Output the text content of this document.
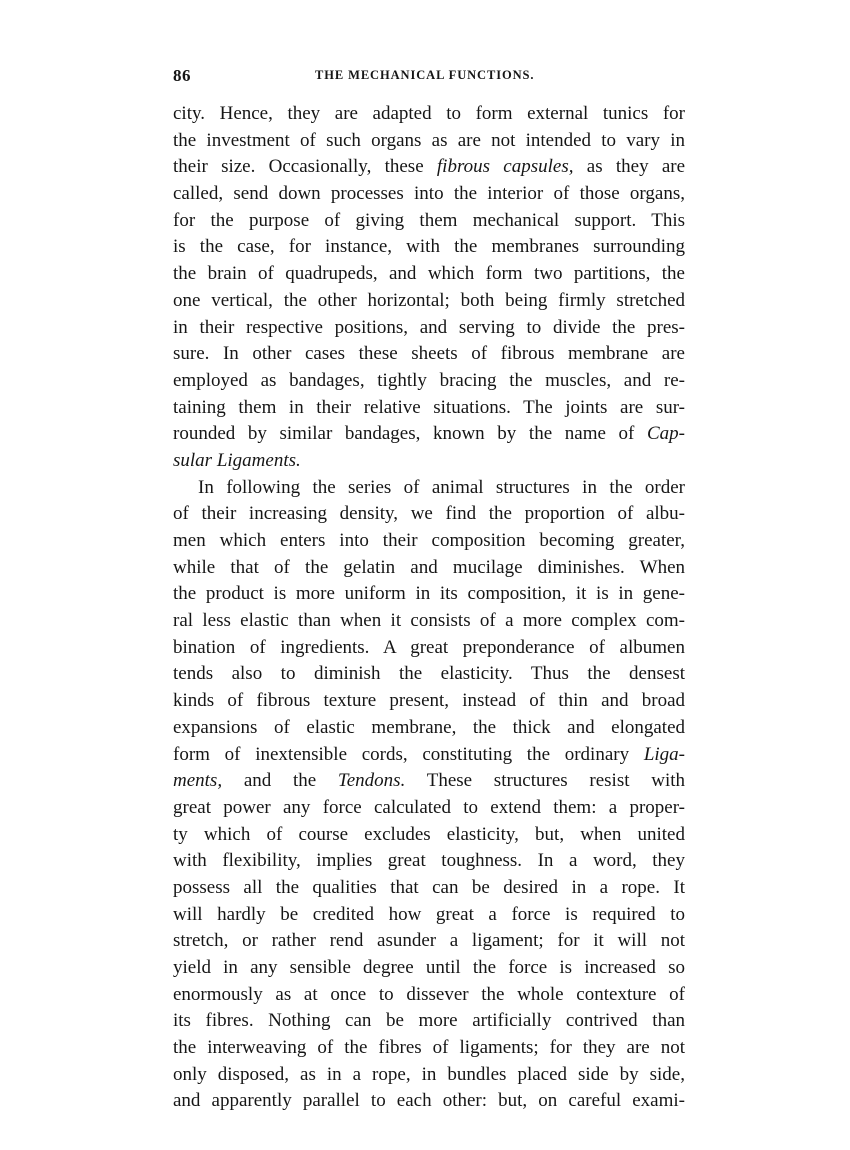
86	THE MECHANICAL FUNCTIONS.
city. Hence, they are adapted to form external tunics for
the investment of such organs as are not intended to vary in
their size. Occasionally, these fibrous capsules, as they are
called, send down processes into the interior of those organs,
for the purpose of giving them mechanical support. This
is the case, for instance, with the membranes surrounding
the brain of quadrupeds, and which form two partitions, the
one vertical, the other horizontal; both being firmly stretched
in their respective positions, and serving to divide the pres-
sure. In other cases these sheets of fibrous membrane are
employed as bandages, tightly bracing the muscles, and re-
taining them in their relative situations. The joints are sur-
rounded by similar bandages, known by the name of Cap-
sular Ligaments.
In following the series of animal structures in the order
of their increasing density, we find the proportion of albu-
men which enters into their composition becoming greater,
while that of the gelatin and mucilage diminishes. When
the product is more uniform in its composition, it is in gene-
ral less elastic than when it consists of a more complex com-
bination of ingredients. A great preponderance of albumen
tends also to diminish the elasticity. Thus the densest
kinds of fibrous texture present, instead of thin and broad
expansions of elastic membrane, the thick and elongated
form of inextensible cords, constituting the ordinary Liga-
ments, and the Tendons. These structures resist with
great power any force calculated to extend them: a proper-
ty which of course excludes elasticity, but, when united
with flexibility, implies great toughness. In a word, they
possess all the qualities that can be desired in a rope. It
will hardly be credited how great a force is required to
stretch, or rather rend asunder a ligament; for it will not
yield in any sensible degree until the force is increased so
enormously as at once to dissever the whole contexture of
its fibres. Nothing can be more artificially contrived than
the interweaving of the fibres of ligaments; for they are not
only disposed, as in a rope, in bundles placed side by side,
and apparently parallel to each other: but, on careful exami-
